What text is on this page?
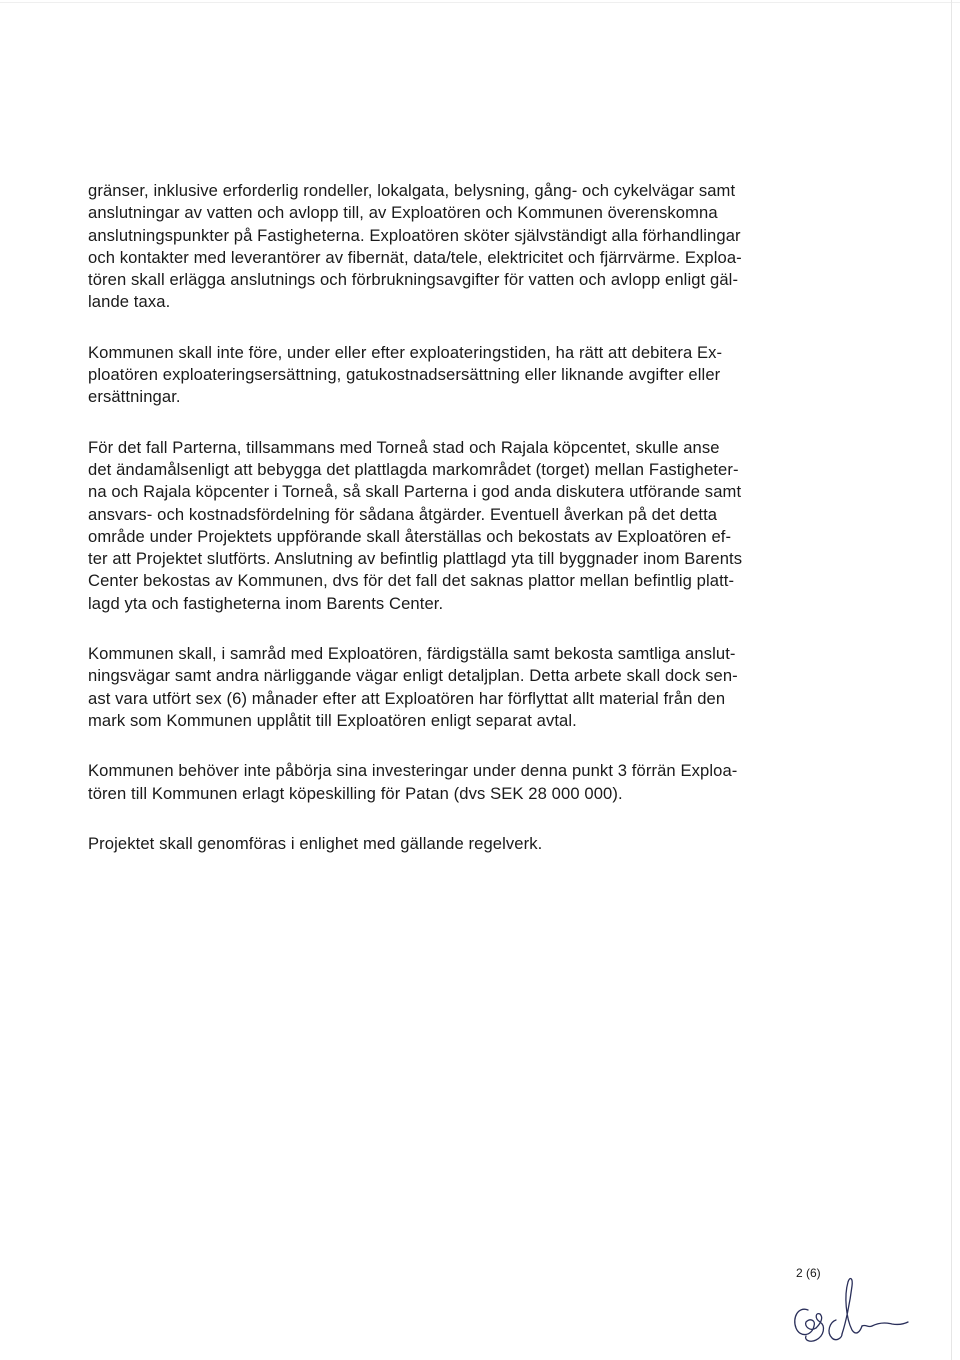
gränser, inklusive erforderlig rondeller, lokalgata, belysning, gång- och cykelvägar samt
anslutningar av vatten och avlopp till, av Exploatören och Kommunen överenskomna
anslutningspunkter på Fastigheterna. Exploatören sköter självständigt alla förhandlingar
och kontakter med leverantörer av fibernät, data/tele, elektricitet och fjärrvärme. Exploa-
tören skall erlägga anslutnings och förbrukningsavgifter för vatten och avlopp enligt gäl-
lande taxa.

Kommunen skall inte före, under eller efter exploateringstiden, ha rätt att debitera Ex-
ploatören exploateringsersättning, gatukostnadsersättning eller liknande avgifter eller
ersättningar.

För det fall Parterna, tillsammans med Torneå stad och Rajala köpcentet, skulle anse
det ändamålsenligt att bebygga det plattlagda markområdet (torget) mellan Fastigheter-
na och Rajala köpcenter i Torneå, så skall Parterna i god anda diskutera utförande samt
ansvars- och kostnadsfördelning för sådana åtgärder. Eventuell åverkan på det detta
område under Projektets uppförande skall återställas och bekostats av Exploatören ef-
ter att Projektet slutförts. Anslutning av befintlig plattlagd yta till byggnader inom Barents
Center bekostas av Kommunen, dvs för det fall det saknas plattor mellan befintlig platt-
lagd yta och fastigheterna inom Barents Center.

Kommunen skall, i samråd med Exploatören, färdigställa samt bekosta samtliga anslut-
ningsvägar samt andra närliggande vägar enligt detaljplan. Detta arbete skall dock sen-
ast vara utfört sex (6) månader efter att Exploatören har förflyttat allt material från den
mark som Kommunen upplåtit till Exploatören enligt separat avtal.

Kommunen behöver inte påbörja sina investeringar under denna punkt 3 förrän Exploa-
tören till Kommunen erlagt köpeskilling för Patan (dvs SEK 28 000 000).

Projektet skall genomföras i enlighet med gällande regelverk.

2 (6)
